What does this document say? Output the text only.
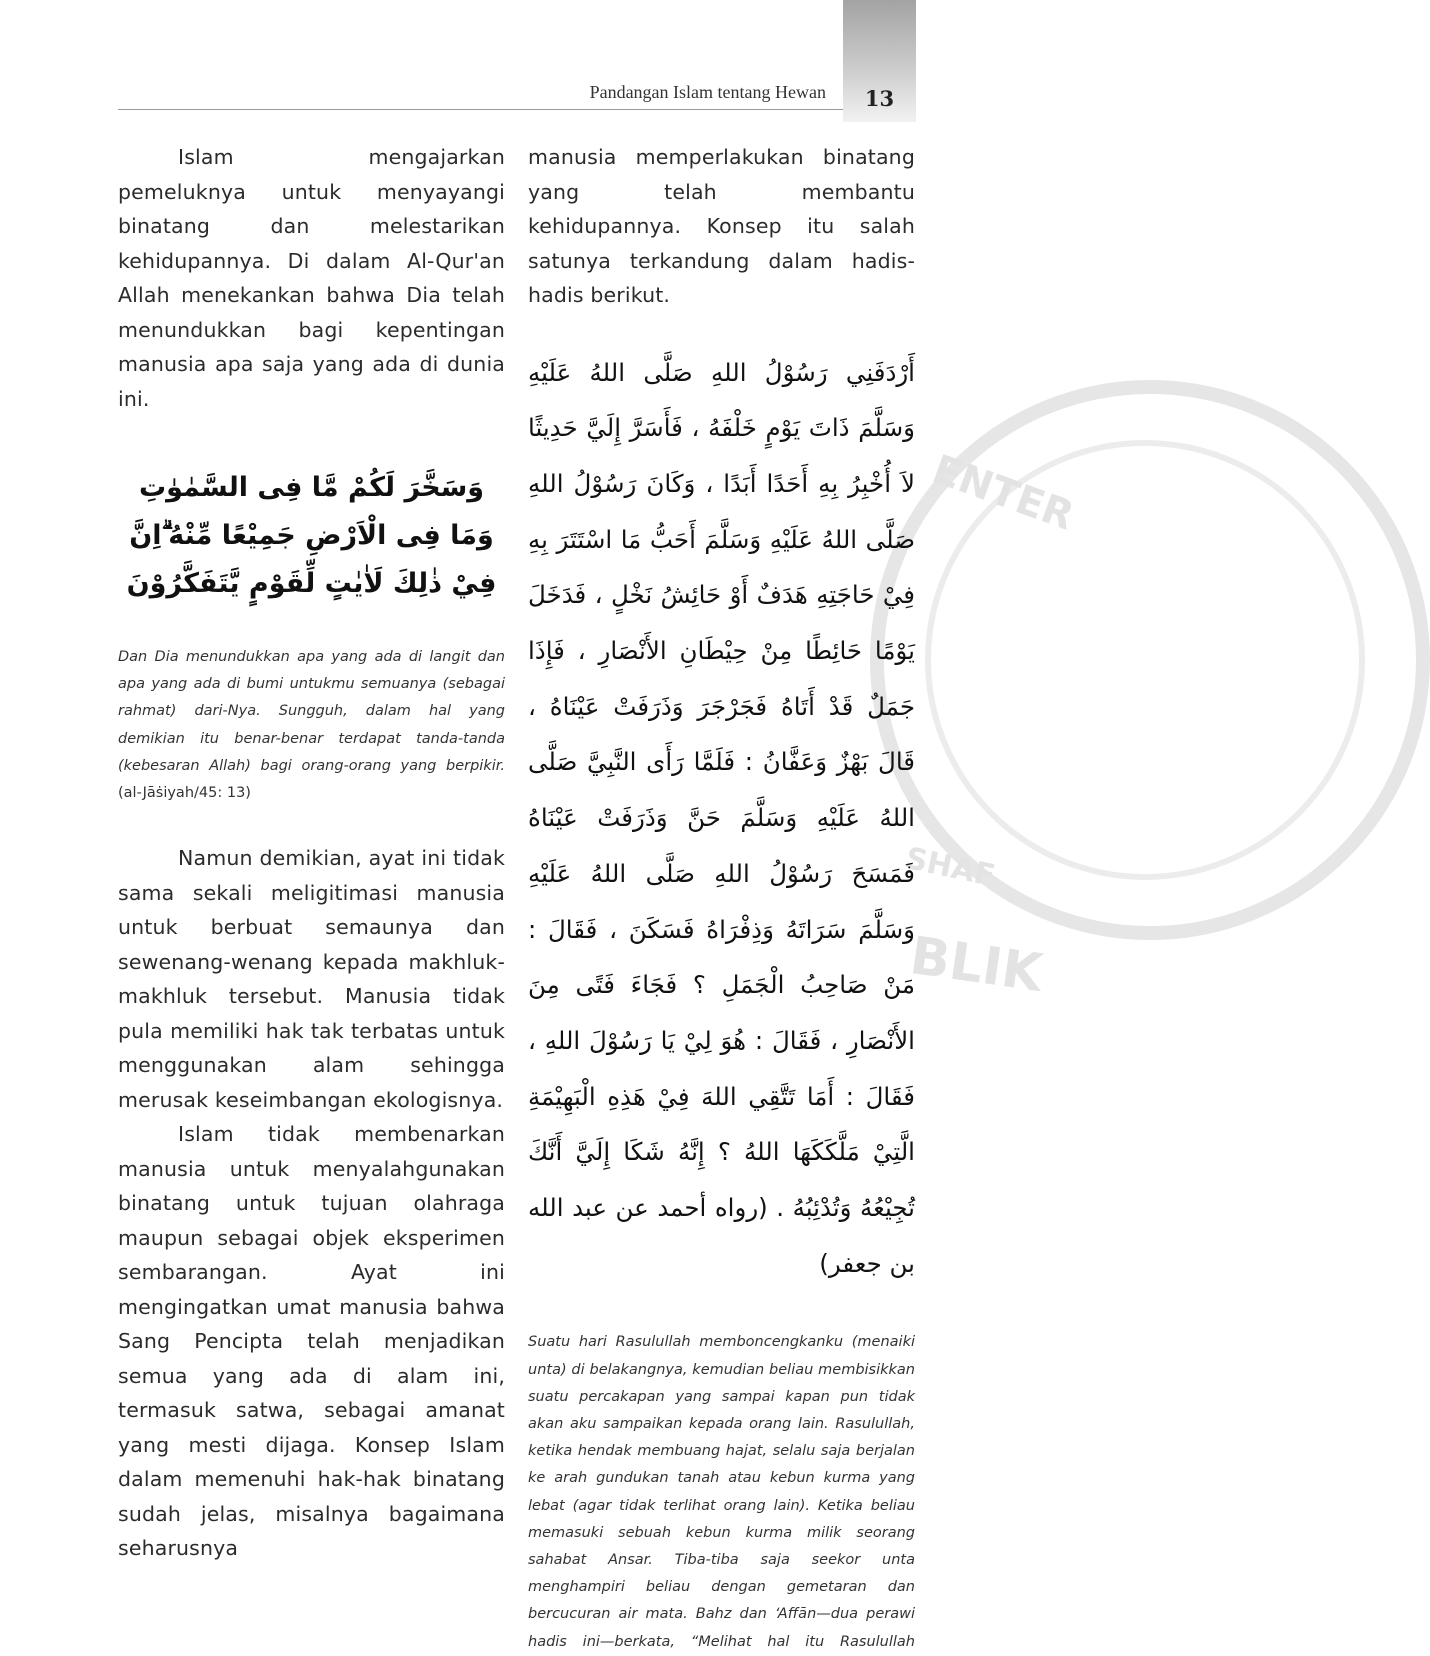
ENTER
SHAF
BLIK
13
Pandangan Islam tentang Hewan

Islam mengajarkan pemeluknya untuk menyayangi binatang dan melestarikan kehidupannya. Di dalam Al-Qur'an Allah menekankan bahwa Dia telah menundukkan bagi kepentingan manusia apa saja yang ada di dunia ini.

وَسَخَّرَ لَكُمْ مَّا فِى السَّمٰوٰتِ وَمَا فِى الْاَرْضِ جَمِيْعًا مِّنْهُ ۗاِنَّ فِيْ ذٰلِكَ لَاٰيٰتٍ لِّقَوْمٍ يَّتَفَكَّرُوْنَ

Dan Dia menundukkan apa yang ada di langit dan apa yang ada di bumi untukmu semuanya (sebagai rahmat) dari-Nya. Sungguh, dalam hal yang demikian itu benar-benar terdapat tanda-tanda (kebesaran Allah) bagi orang-orang yang berpikir.

(al-Jāṡiyah/45: 13)

Namun demikian, ayat ini tidak sama sekali meligitimasi manusia untuk berbuat semaunya dan sewenang-wenang kepada makhluk-makhluk tersebut. Manusia tidak pula memiliki hak tak terbatas untuk menggunakan alam sehingga merusak keseimbangan ekologisnya.

Islam tidak membenarkan manusia untuk menyalahgunakan binatang untuk tujuan olahraga maupun sebagai objek eksperimen sembarangan. Ayat ini mengingatkan umat manusia bahwa Sang Pencipta telah menjadikan semua yang ada di alam ini, termasuk satwa, sebagai amanat yang mesti dijaga. Konsep Islam dalam memenuhi hak-hak binatang sudah jelas, misalnya bagaimana seharusnya

manusia memperlakukan binatang yang telah membantu kehidupannya. Konsep itu salah satunya terkandung dalam hadis-hadis berikut.

أَرْدَفَنِي رَسُوْلُ اللهِ صَلَّى اللهُ عَلَيْهِ وَسَلَّمَ ذَاتَ يَوْمٍ خَلْفَهُ ، فَأَسَرَّ إِلَيَّ حَدِيثًا لاَ أُخْبِرُ بِهِ أَحَدًا أَبَدًا ، وَكَانَ رَسُوْلُ اللهِ صَلَّى اللهُ عَلَيْهِ وَسَلَّمَ أَحَبُّ مَا اسْتَتَرَ بِهِ فِيْ حَاجَتِهِ هَدَفٌ أَوْ حَائِشُ نَخْلٍ ، فَدَخَلَ يَوْمًا حَائِطًا مِنْ حِيْطَانِ الأَنْصَارِ ، فَإِذَا جَمَلٌ قَدْ أَتَاهُ فَجَرْجَرَ وَذَرَفَتْ عَيْنَاهُ ، قَالَ بَهْزٌ وَعَفَّانُ : فَلَمَّا رَأَى النَّبِيَّ صَلَّى اللهُ عَلَيْهِ وَسَلَّمَ حَنَّ وَذَرَفَتْ عَيْنَاهُ فَمَسَحَ رَسُوْلُ اللهِ صَلَّى اللهُ عَلَيْهِ وَسَلَّمَ سَرَاتَهُ وَذِفْرَاهُ فَسَكَنَ ، فَقَالَ : مَنْ صَاحِبُ الْجَمَلِ ؟ فَجَاءَ فَتًى مِنَ الأَنْصَارِ ، فَقَالَ : هُوَ لِيْ يَا رَسُوْلَ اللهِ ، فَقَالَ : أَمَا تَتَّقِي اللهَ فِيْ هَذِهِ الْبَهِيْمَةِ الَّتِيْ مَلَّكَكَهَا اللهُ ؟ إِنَّهُ شَكَا إِلَيَّ أَنَّكَ تُجِيْعُهُ وَتُدْئِبُهُ . (رواه أحمد عن عبد الله بن جعفر)

Suatu hari Rasulullah memboncengkanku (menaiki unta) di belakangnya, kemudian beliau membisikkan suatu percakapan yang sampai kapan pun tidak akan aku sampaikan kepada orang lain. Rasulullah, ketika hendak membuang hajat, selalu saja berjalan ke arah gundukan tanah atau kebun kurma yang lebat (agar tidak terlihat orang lain). Ketika beliau memasuki sebuah kebun kurma milik seorang sahabat Ansar. Tiba-tiba saja seekor unta menghampiri beliau dengan gemetaran dan bercucuran air mata. Bahz dan ‘Affān—dua perawi hadis ini—berkata, “Melihat hal itu Rasulullah
